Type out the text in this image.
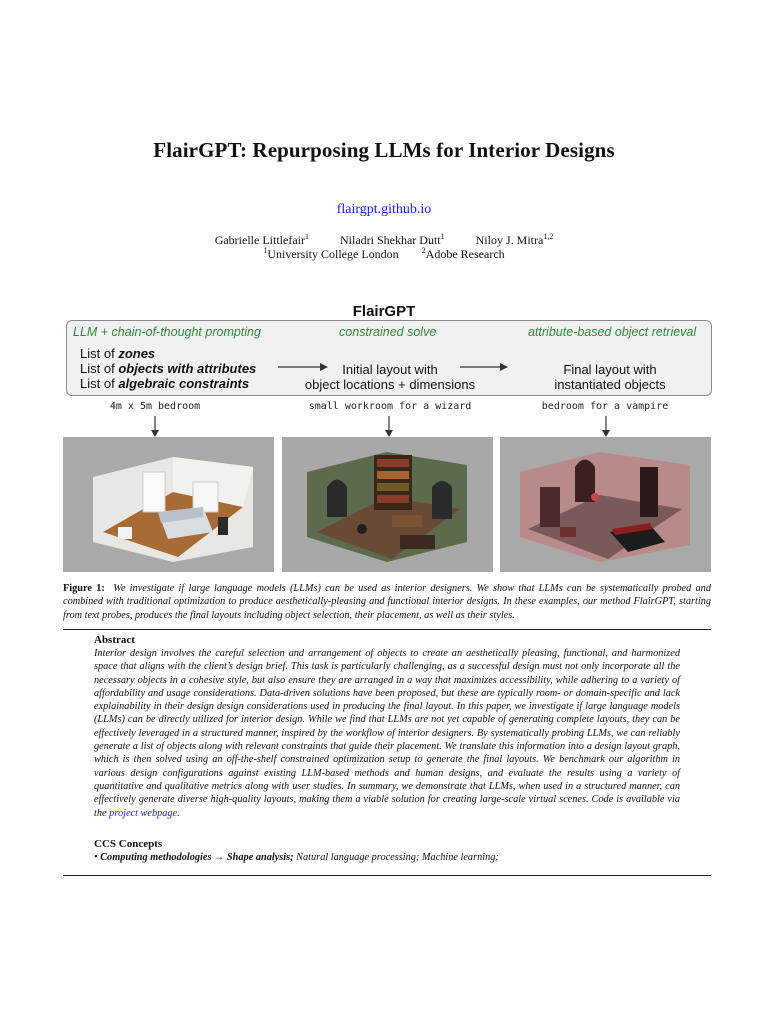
FlairGPT: Repurposing LLMs for Interior Designs
flairgpt.github.io
Gabrielle Littlefair$^1$	Niladri Shekhar Dutt$^1$	Niloy J. Mitra$^{1,2}$
$^1$University College London	$^2$Adobe Research
FlairGPT
LLM + chain-of-thought prompting	constrained solve	attribute-based object retrieval
List of zones
List of objects with attributes
List of algebraic constraints
Initial layout with
object locations + dimensions
Final layout with
instantiated objects
4m x 5m bedroom	small workroom for a wizard	bedroom for a vampire
Figure 1: We investigate if large language models (LLMs) can be used as interior designers. We show that LLMs can be systematically probed and combined with traditional optimization to produce aesthetically-pleasing and functional interior designs. In these examples, our method FlairGPT, starting from text probes, produces the final layouts including object selection, their placement, as well as their styles.
Abstract
Interior design involves the careful selection and arrangement of objects to create an aesthetically pleasing, functional, and harmonized space that aligns with the client’s design brief. This task is particularly challenging, as a successful design must not only incorporate all the necessary objects in a cohesive style, but also ensure they are arranged in a way that maximizes accessibility, while adhering to a variety of affordability and usage considerations. Data-driven solutions have been proposed, but these are typically room- or domain-specific and lack explainability in their design design considerations used in producing the final layout. In this paper, we investigate if large language models (LLMs) can be directly utilized for interior design. While we find that LLMs are not yet capable of generating complete layouts, they can be effectively leveraged in a structured manner, inspired by the workflow of interior designers. By systematically probing LLMs, we can reliably generate a list of objects along with relevant constraints that guide their placement. We translate this information into a design layout graph, which is then solved using an off-the-shelf constrained optimization setup to generate the final layouts. We benchmark our algorithm in various design configurations against existing LLM-based methods and human designs, and evaluate the results using a variety of quantitative and qualitative metrics along with user studies. In summary, we demonstrate that LLMs, when used in a structured manner, can effectively generate diverse high-quality layouts, making them a viable solution for creating large-scale virtual scenes. Code is available via the project webpage.
CCS Concepts
• Computing methodologies → Shape analysis; Natural language processing; Machine learning;
